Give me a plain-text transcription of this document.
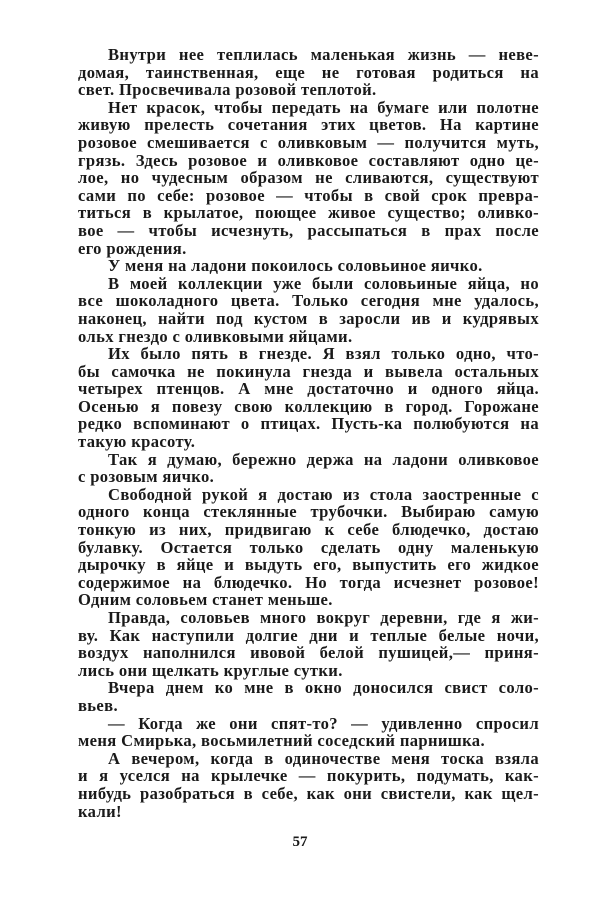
Внутри нее теплилась маленькая жизнь — неве-
домая, таинственная, еще не готовая родиться на
свет. Просвечивала розовой теплотой.
Нет красок, чтобы передать на бумаге или полотне
живую прелесть сочетания этих цветов. На картине
розовое смешивается с оливковым — получится муть,
грязь. Здесь розовое и оливковое составляют одно це-
лое, но чудесным образом не сливаются, существуют
сами по себе: розовое — чтобы в свой срок превра-
титься в крылатое, поющее живое существо; оливко-
вое — чтобы исчезнуть, рассыпаться в прах после
его рождения.
У меня на ладони покоилось соловьиное яичко.
В моей коллекции уже были соловьиные яйца, но
все шоколадного цвета. Только сегодня мне удалось,
наконец, найти под кустом в заросли ив и кудрявых
ольх гнездо с оливковыми яйцами.
Их было пять в гнезде. Я взял только одно, что-
бы самочка не покинула гнезда и вывела остальных
четырех птенцов. А мне достаточно и одного яйца.
Осенью я повезу свою коллекцию в город. Горожане
редко вспоминают о птицах. Пусть-ка полюбуются на
такую красоту.
Так я думаю, бережно держа на ладони оливковое
с розовым яичко.
Свободной рукой я достаю из стола заостренные с
одного конца стеклянные трубочки. Выбираю самую
тонкую из них, придвигаю к себе блюдечко, достаю
булавку. Остается только сделать одну маленькую
дырочку в яйце и выдуть его, выпустить его жидкое
содержимое на блюдечко. Но тогда исчезнет розовое!
Одним соловьем станет меньше.
Правда, соловьев много вокруг деревни, где я жи-
ву. Как наступили долгие дни и теплые белые ночи,
воздух наполнился ивовой белой пушицей,— приня-
лись они щелкать круглые сутки.
Вчера днем ко мне в окно доносился свист соло-
вьев.
— Когда же они спят-то? — удивленно спросил
меня Смирька, восьмилетний соседский парнишка.
А вечером, когда в одиночестве меня тоска взяла
и я уселся на крылечке — покурить, подумать, как-
нибудь разобраться в себе, как они свистели, как щел-
кали!
57
